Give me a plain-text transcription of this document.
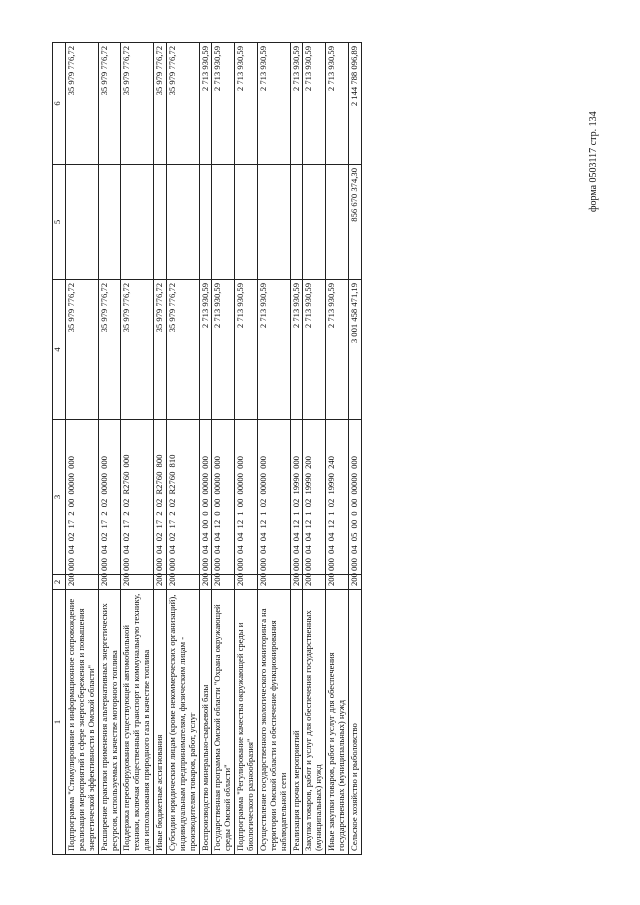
форма 0503117 стр. 134
1	2	3	4	5	6
Подпрограмма "Стимулирование и информационное сопровождение реализации мероприятий в сфере энергосбережения и повышения энергетической эффективности в Омской области"	200	000 04 02 17 2 00 00000 000	35 979 776,72		35 979 776,72
Расширение практики применения альтернативных энергетических ресурсов, используемых в качестве моторного топлива	200	000 04 02 17 2 02 00000 000	35 979 776,72		35 979 776,72
Поддержка переоборудования существующей автомобильной техники, включая общественный транспорт и коммунальную технику, для использования природного газа в качестве топлива	200	000 04 02 17 2 02 R2760 000	35 979 776,72		35 979 776,72
Иные бюджетные ассигнования	200	000 04 02 17 2 02 R2760 800	35 979 776,72		35 979 776,72
Субсидии юридическим лицам (кроме некоммерческих организаций), индивидуальным предпринимателям, физическим лицам - производителям товаров, работ, услуг	200	000 04 02 17 2 02 R2760 810	35 979 776,72		35 979 776,72
Воспроизводство минерально-сырьевой базы	200	000 04 04 00 0 00 00000 000	2 713 930,59		2 713 930,59
Государственная программа Омской области "Охрана окружающей среды Омской области"	200	000 04 04 12 0 00 00000 000	2 713 930,59		2 713 930,59
Подпрограмма "Регулирование качества окружающей среды и биологического разнообразия"	200	000 04 04 12 1 00 00000 000	2 713 930,59		2 713 930,59
Осуществление государственного экологического мониторинга на территории Омской области и обеспечение функционирования наблюдательной сети	200	000 04 04 12 1 02 00000 000	2 713 930,59		2 713 930,59
Реализация прочих мероприятий	200	000 04 04 12 1 02 19990 000	2 713 930,59		2 713 930,59
Закупка товаров, работ и услуг для обеспечения государственных (муниципальных) нужд	200	000 04 04 12 1 02 19990 200	2 713 930,59		2 713 930,59
Иные закупки товаров, работ и услуг для обеспечения государственных (муниципальных) нужд	200	000 04 04 12 1 02 19990 240	2 713 930,59		2 713 930,59
Сельское хозяйство и рыболовство	200	000 04 05 00 0 00 00000 000	3 001 458 471,19	856 670 374,30	2 144 788 096,89
